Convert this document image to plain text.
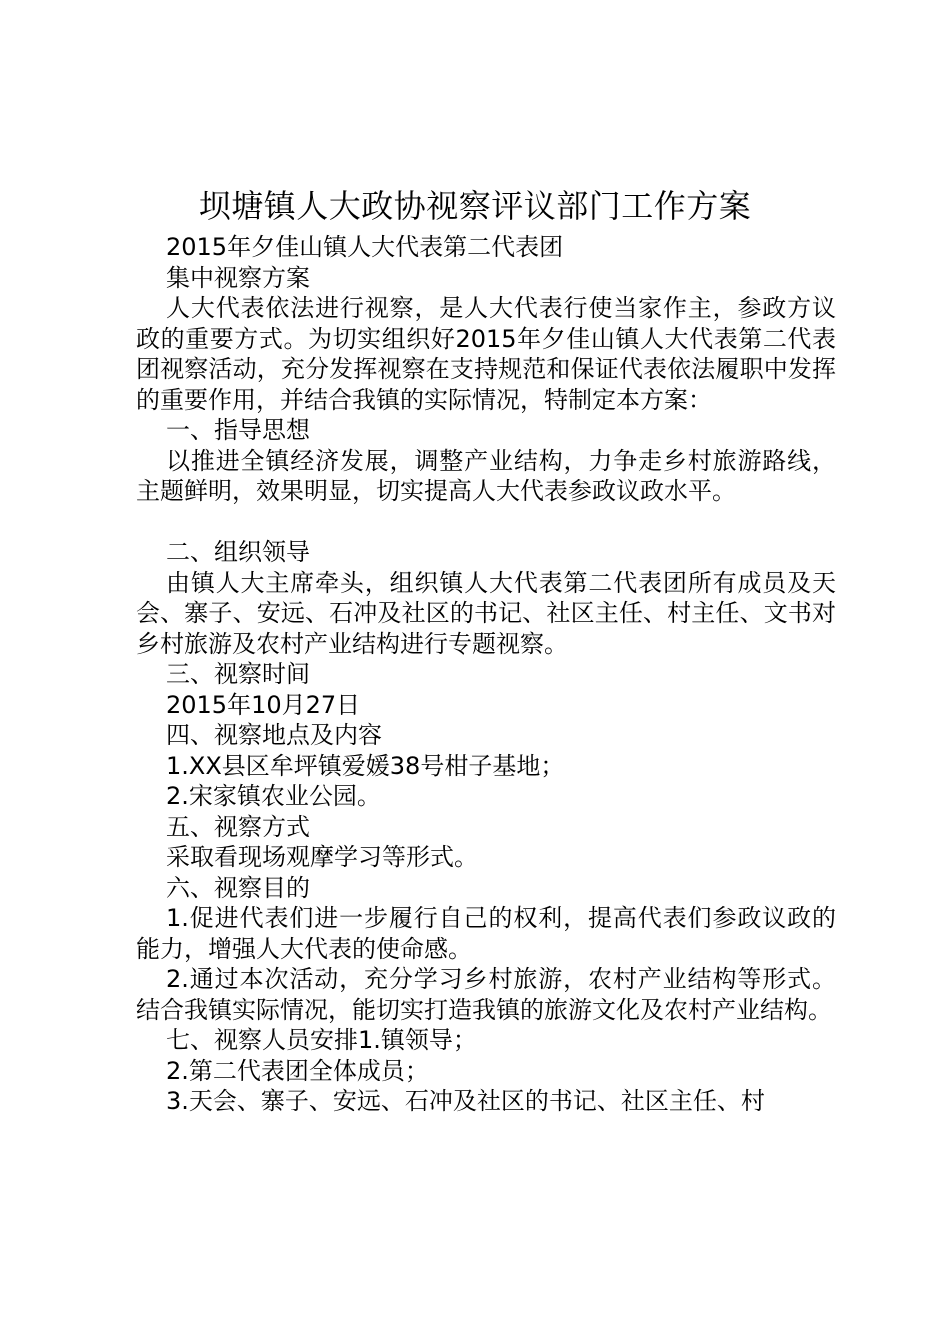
坝塘镇人大政协视察评议部门工作方案

2015年夕佳山镇人大代表第二代表团

集中视察方案

人大代表依法进行视察，是人大代表行使当家作主，参政方议政的重要方式。为切实组织好2015年夕佳山镇人大代表第二代表团视察活动，充分发挥视察在支持规范和保证代表依法履职中发挥的重要作用，并结合我镇的实际情况，特制定本方案：

一、指导思想

以推进全镇经济发展，调整产业结构，力争走乡村旅游路线，主题鲜明，效果明显，切实提高人大代表参政议政水平。

二、组织领导

由镇人大主席牵头，组织镇人大代表第二代表团所有成员及天会、寨子、安远、石冲及社区的书记、社区主任、村主任、文书对乡村旅游及农村产业结构进行专题视察。

三、视察时间

2015年10月27日

四、视察地点及内容

1.XX县区牟坪镇爱媛38号柑子基地；

2.宋家镇农业公园。

五、视察方式

采取看现场观摩学习等形式。

六、视察目的

1.促进代表们进一步履行自己的权利，提高代表们参政议政的能力，增强人大代表的使命感。

2.通过本次活动，充分学习乡村旅游，农村产业结构等形式。结合我镇实际情况，能切实打造我镇的旅游文化及农村产业结构。

七、视察人员安排1.镇领导；

2.第二代表团全体成员；

3.天会、寨子、安远、石冲及社区的书记、社区主任、村
